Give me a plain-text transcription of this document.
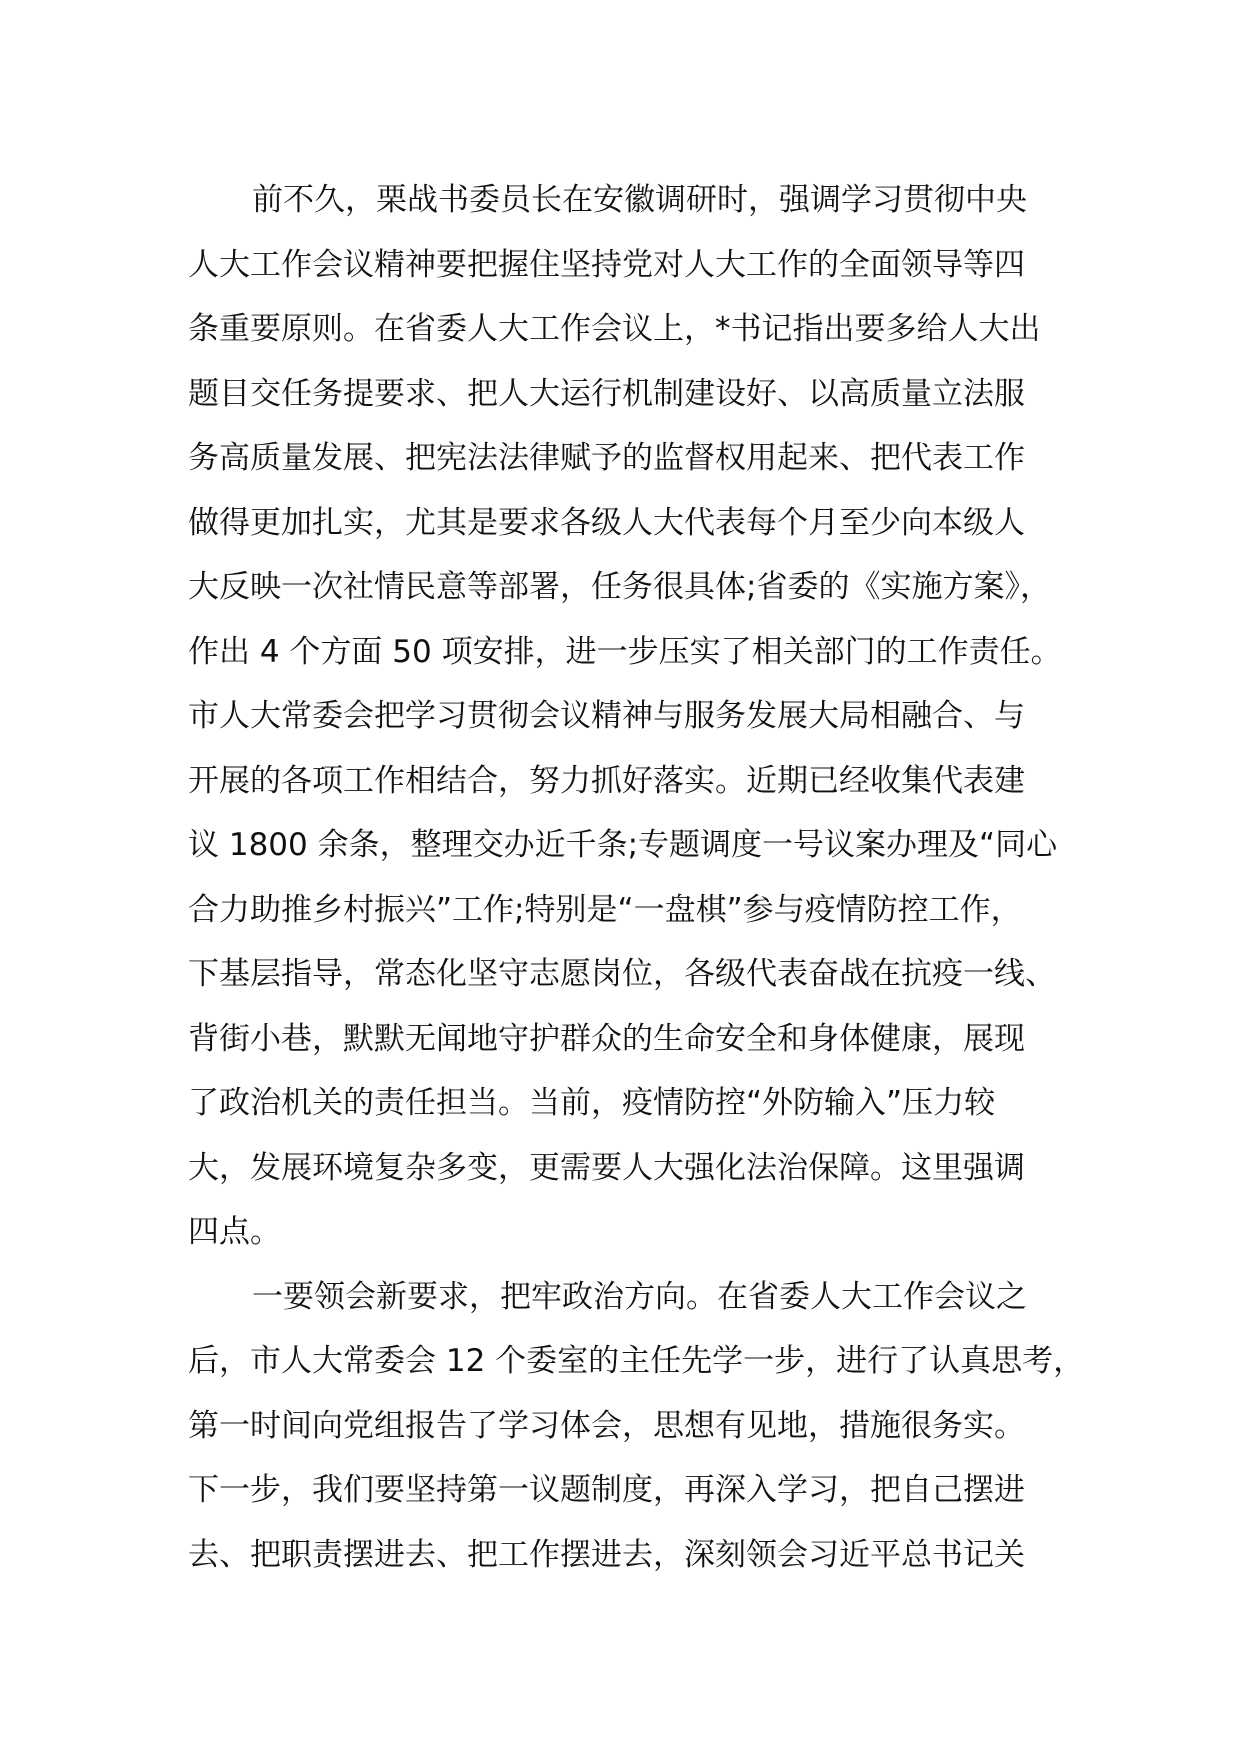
前不久，栗战书委员长在安徽调研时，强调学习贯彻中央
人大工作会议精神要把握住坚持党对人大工作的全面领导等四
条重要原则。在省委人大工作会议上，*书记指出要多给人大出
题目交任务提要求、把人大运行机制建设好、以高质量立法服
务高质量发展、把宪法法律赋予的监督权用起来、把代表工作
做得更加扎实，尤其是要求各级人大代表每个月至少向本级人
大反映一次社情民意等部署，任务很具体;省委的《实施方案》，
作出 4 个方面 50 项安排，进一步压实了相关部门的工作责任。
市人大常委会把学习贯彻会议精神与服务发展大局相融合、与
开展的各项工作相结合，努力抓好落实。近期已经收集代表建
议 1800 余条，整理交办近千条;专题调度一号议案办理及“同心
合力助推乡村振兴”工作;特别是“一盘棋”参与疫情防控工作，
下基层指导，常态化坚守志愿岗位，各级代表奋战在抗疫一线、
背街小巷，默默无闻地守护群众的生命安全和身体健康，展现
了政治机关的责任担当。当前，疫情防控“外防输入”压力较
大，发展环境复杂多变，更需要人大强化法治保障。这里强调
四点。
一要领会新要求，把牢政治方向。在省委人大工作会议之
后，市人大常委会 12 个委室的主任先学一步，进行了认真思考，
第一时间向党组报告了学习体会，思想有见地，措施很务实。
下一步，我们要坚持第一议题制度，再深入学习，把自己摆进
去、把职责摆进去、把工作摆进去，深刻领会习近平总书记关
